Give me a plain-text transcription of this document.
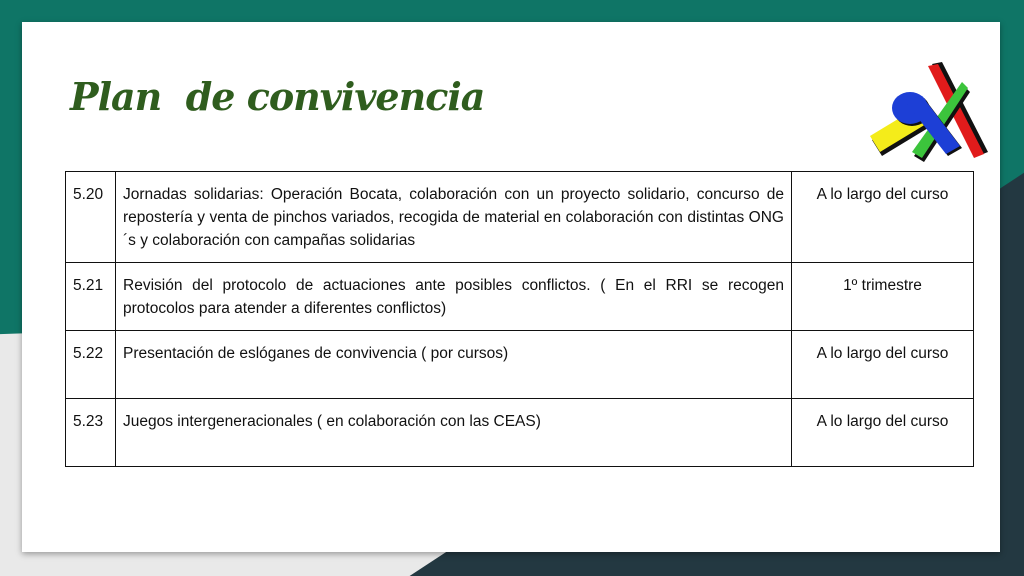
Plan  de convivencia
5.20	Jornadas solidarias: Operación Bocata, colaboración con un proyecto solidario, concurso de repostería y venta de pinchos variados, recogida de material en colaboración con distintas ONG´s y colaboración con campañas solidarias	A lo largo del curso
5.21	Revisión del protocolo de actuaciones ante posibles conflictos. ( En el RRI se recogen protocolos para atender a diferentes conflictos)	1º trimestre
5.22	Presentación de eslóganes de convivencia ( por cursos)	A lo largo del curso
5.23	Juegos intergeneracionales ( en colaboración con las CEAS)	A lo largo del curso
